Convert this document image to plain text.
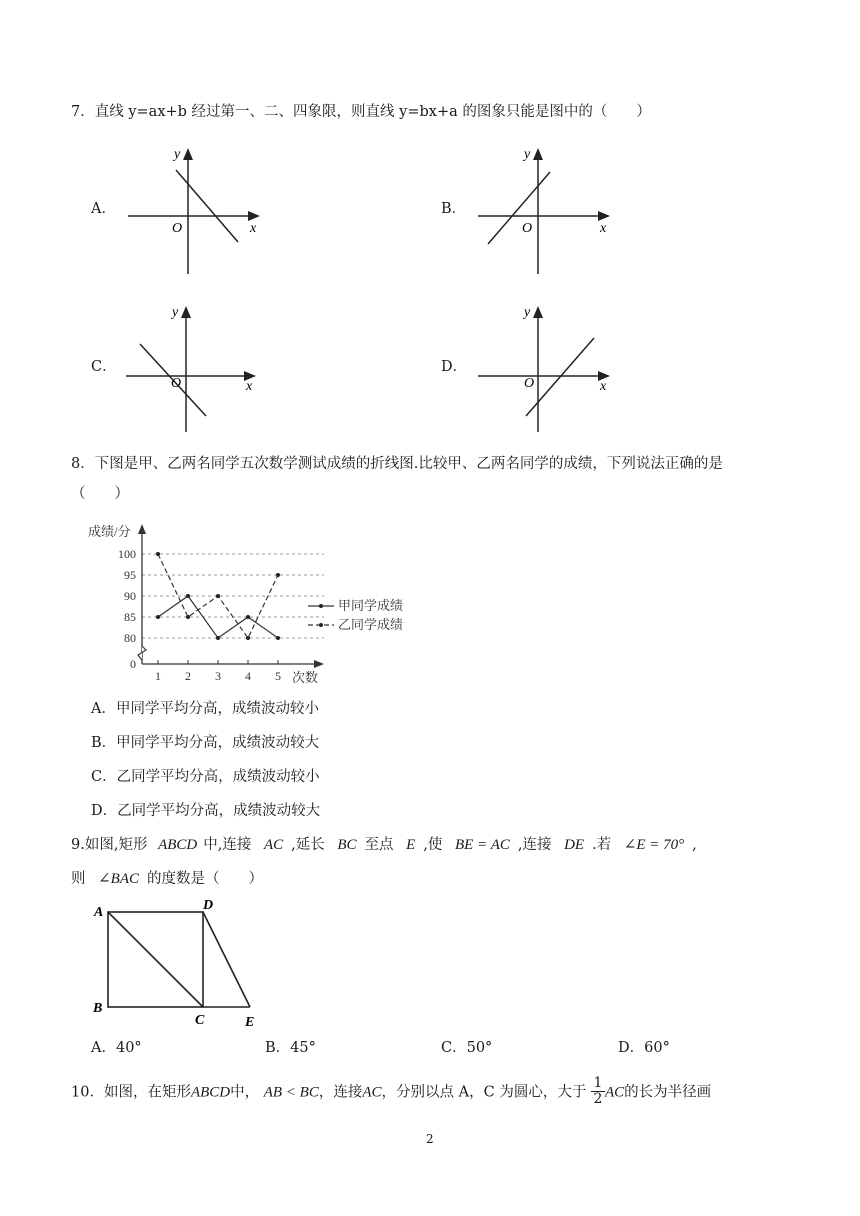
7．直线 y=ax+b 经过第一、二、四象限，则直线 y=bx+a 的图象只能是图中的（　　）
A．	B．
C．	D．
y
x
O
y
x
O
y
x
O
y
x
O
8．下图是甲、乙两名同学五次数学测试成绩的折线图.比较甲、乙两名同学的成绩，下列说法正确的是
（　　）
80
85
90
95
100
1 2 3 4 5
0
成绩/分
次数
甲同学成绩
乙同学成绩
A．甲同学平均分高，成绩波动较小
B．甲同学平均分高，成绩波动较大
C．乙同学平均分高，成绩波动较小
D．乙同学平均分高，成绩波动较大
9.如图,矩形 ABCD 中,连接 AC ,延长 BC 至点 E ,使 BE = AC ,连接 DE .若 ∠E = 70° ,
则 ∠BAC 的度数是（　　）
A	D
B
C	E
A．40°	B．45°	C．50°	D．60°
10．如图，在矩形ABCD中， AB < BC，连接AC，分别以点 A，C 为圆心，大于 $\frac{1}{2}$ AC的长为半径画
2
